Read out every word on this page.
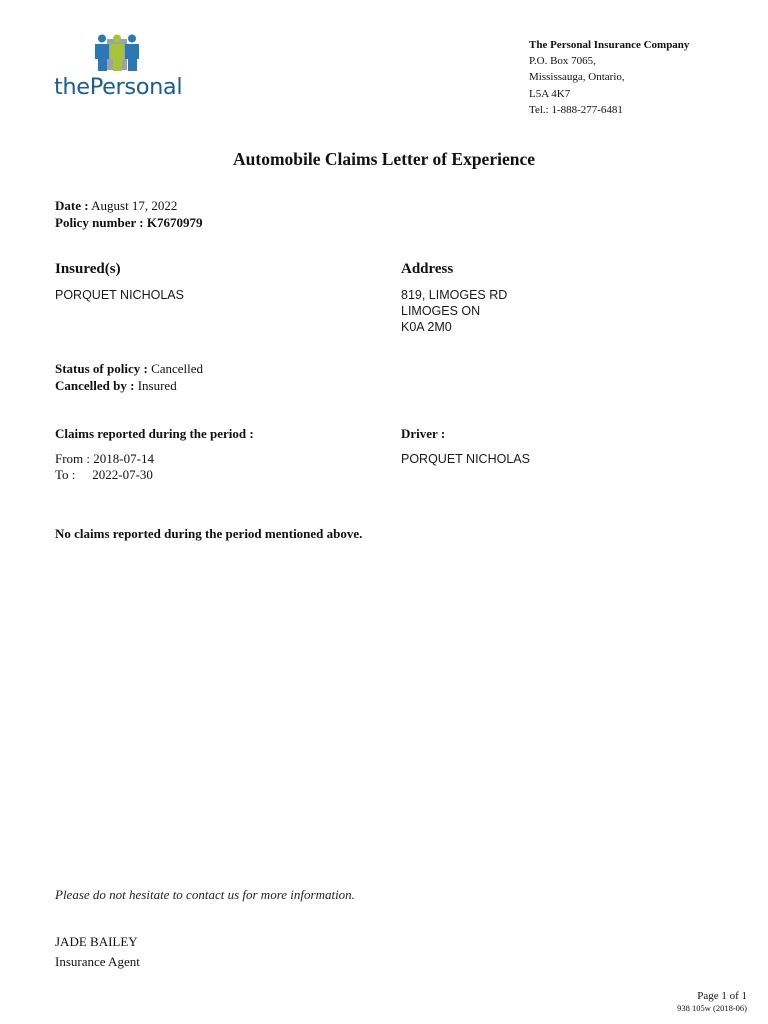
thePersonal
The Personal Insurance Company
P.O. Box 7065,
Mississauga, Ontario,
L5A 4K7
Tel.: 1-888-277-6481
Automobile Claims Letter of Experience
Date : August 17, 2022
Policy number : K7670979
Insured(s)
PORQUET NICHOLAS
Address
819, LIMOGES RD
LIMOGES ON
K0A 2M0
Status of policy : Cancelled
Cancelled by : Insured
Claims reported during the period :
From : 2018-07-14
To : 2022-07-30
Driver :
PORQUET NICHOLAS
No claims reported during the period mentioned above.
Please do not hesitate to contact us for more information.
JADE BAILEY
Insurance Agent
Page 1 of 1
938 105w (2018-06)
